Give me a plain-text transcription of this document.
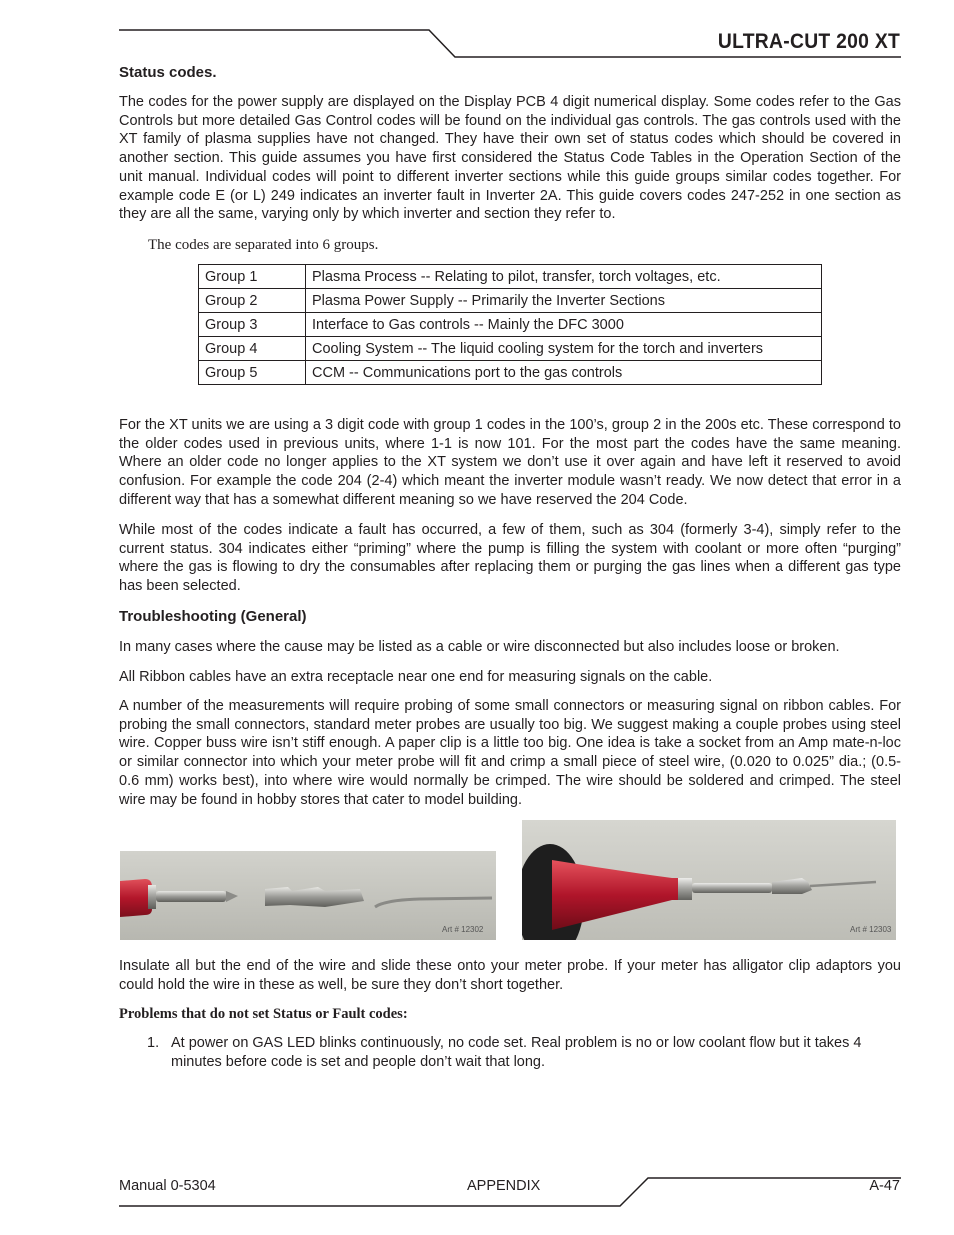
ULTRA-CUT 200 XT
Status codes.

The codes for the power supply are displayed on the Display PCB 4 digit numerical display. Some codes refer to the Gas Controls but more detailed Gas Control codes will be found on the individual gas controls. The gas controls used with the XT family of plasma supplies have not changed. They have their own set of status codes which should be covered in another section. This guide assumes you have first considered the Status Code Tables in the Operation Section of the unit manual. Individual codes will point to different inverter sections while this guide groups similar codes together. For example code E (or L) 249 indicates an inverter fault in Inverter 2A. This guide covers codes 247-252 in one section as they are all the same, varying only by which inverter and section they refer to.

The codes are separated into 6 groups.
Group 1	Plasma Process -- Relating to pilot, transfer, torch voltages, etc.
Group 2	Plasma Power Supply -- Primarily the Inverter Sections
Group 3	Interface to Gas controls -- Mainly the DFC 3000
Group 4	Cooling System -- The liquid cooling system for the torch and inverters
Group 5	CCM -- Communications port to the gas controls

For the XT units we are using a 3 digit code with group 1 codes in the 100’s, group 2 in the 200s etc. These correspond to the older codes used in previous units, where 1-1 is now 101. For the most part the codes have the same meaning. Where an older code no longer applies to the XT system we don’t use it over again and have left it reserved to avoid confusion. For example the code 204 (2-4) which meant the inverter module wasn’t ready. We now detect that error in a different way that has a somewhat different meaning so we have reserved the 204 Code.

While most of the codes indicate a fault has occurred, a few of them, such as 304 (formerly 3-4), simply refer to the current status. 304 indicates either “priming” where the pump is filling the system with coolant or more often “purging” where the gas is flowing to dry the consumables after replacing them or purging the gas lines when a different gas type has been selected.

Troubleshooting (General)

In many cases where the cause may be listed as a cable or wire disconnected but also includes loose or broken.

All Ribbon cables have an extra receptacle near one end for measuring signals on the cable.

A number of the measurements will require probing of some small connectors or measuring signal on ribbon cables. For probing the small connectors, standard meter probes are usually too big. We suggest making a couple probes using steel wire. Copper buss wire isn’t stiff enough. A paper clip is a little too big. One idea is take a socket from an Amp mate-n-loc or similar connector into which your meter probe will fit and crimp a small piece of steel wire, (0.020 to 0.025” dia.; (0.5-0.6 mm) works best), into where wire would normally be crimped. The wire should be soldered and crimped. The steel wire may be found in hobby stores that cater to model building.

Art # 12302	Art # 12303

Insulate all but the end of the wire and slide these onto your meter probe. If your meter has alligator clip adaptors you could hold the wire in these as well, be sure they don’t short together.

Problems that do not set Status or Fault codes:
1. At power on GAS LED blinks continuously, no code set. Real problem is no or low coolant flow but it takes 4 minutes before code is set and people don’t wait that long.
Manual 0-5304	APPENDIX	A-47
